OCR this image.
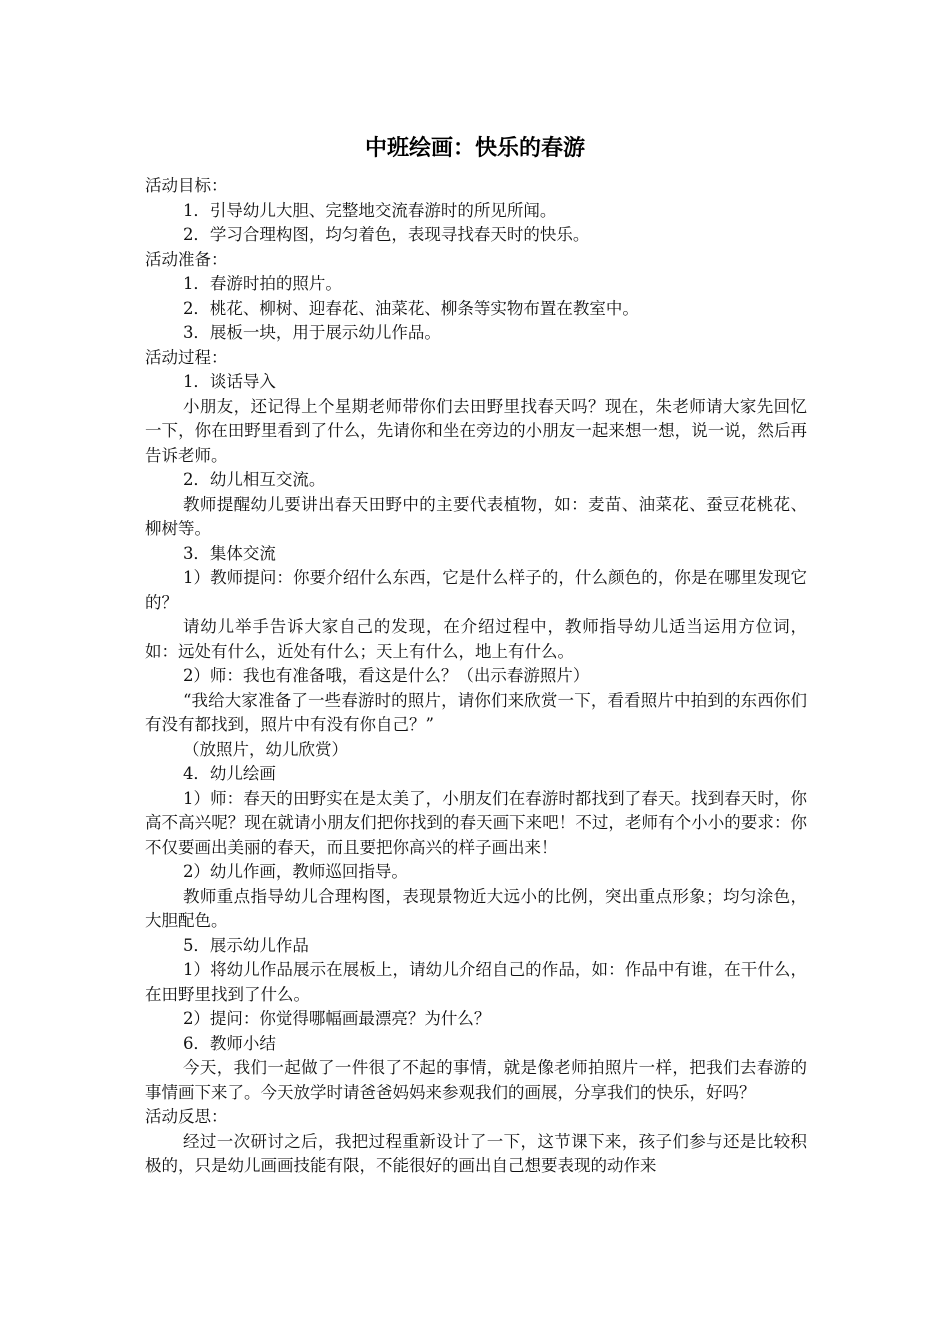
中班绘画：快乐的春游

活动目标：

1．引导幼儿大胆、完整地交流春游时的所见所闻。

2．学习合理构图，均匀着色，表现寻找春天时的快乐。

活动准备：

1．春游时拍的照片。

2．桃花、柳树、迎春花、油菜花、柳条等实物布置在教室中。

3．展板一块，用于展示幼儿作品。

活动过程：

1．谈话导入

小朋友，还记得上个星期老师带你们去田野里找春天吗？现在，朱老师请大家先回忆一下，你在田野里看到了什么，先请你和坐在旁边的小朋友一起来想一想，说一说，然后再告诉老师。

2．幼儿相互交流。

教师提醒幼儿要讲出春天田野中的主要代表植物，如：麦苗、油菜花、蚕豆花桃花、柳树等。

3．集体交流

1）教师提问：你要介绍什么东西，它是什么样子的，什么颜色的，你是在哪里发现它的？

请幼儿举手告诉大家自己的发现，在介绍过程中，教师指导幼儿适当运用方位词，如：远处有什么，近处有什么；天上有什么，地上有什么。

2）师：我也有准备哦，看这是什么？（出示春游照片）

“我给大家准备了一些春游时的照片，请你们来欣赏一下，看看照片中拍到的东西你们有没有都找到，照片中有没有你自己？”

（放照片，幼儿欣赏）

4．幼儿绘画

1）师：春天的田野实在是太美了，小朋友们在春游时都找到了春天。找到春天时，你高不高兴呢？现在就请小朋友们把你找到的春天画下来吧！不过，老师有个小小的要求：你不仅要画出美丽的春天，而且要把你高兴的样子画出来！

2）幼儿作画，教师巡回指导。

教师重点指导幼儿合理构图，表现景物近大远小的比例，突出重点形象；均匀涂色，大胆配色。

5．展示幼儿作品

1）将幼儿作品展示在展板上，请幼儿介绍自己的作品，如：作品中有谁，在干什么，在田野里找到了什么。

2）提问：你觉得哪幅画最漂亮？为什么？

6．教师小结

今天，我们一起做了一件很了不起的事情，就是像老师拍照片一样，把我们去春游的事情画下来了。今天放学时请爸爸妈妈来参观我们的画展，分享我们的快乐，好吗？

活动反思：

经过一次研讨之后，我把过程重新设计了一下，这节课下来，孩子们参与还是比较积极的，只是幼儿画画技能有限，不能很好的画出自己想要表现的动作来
